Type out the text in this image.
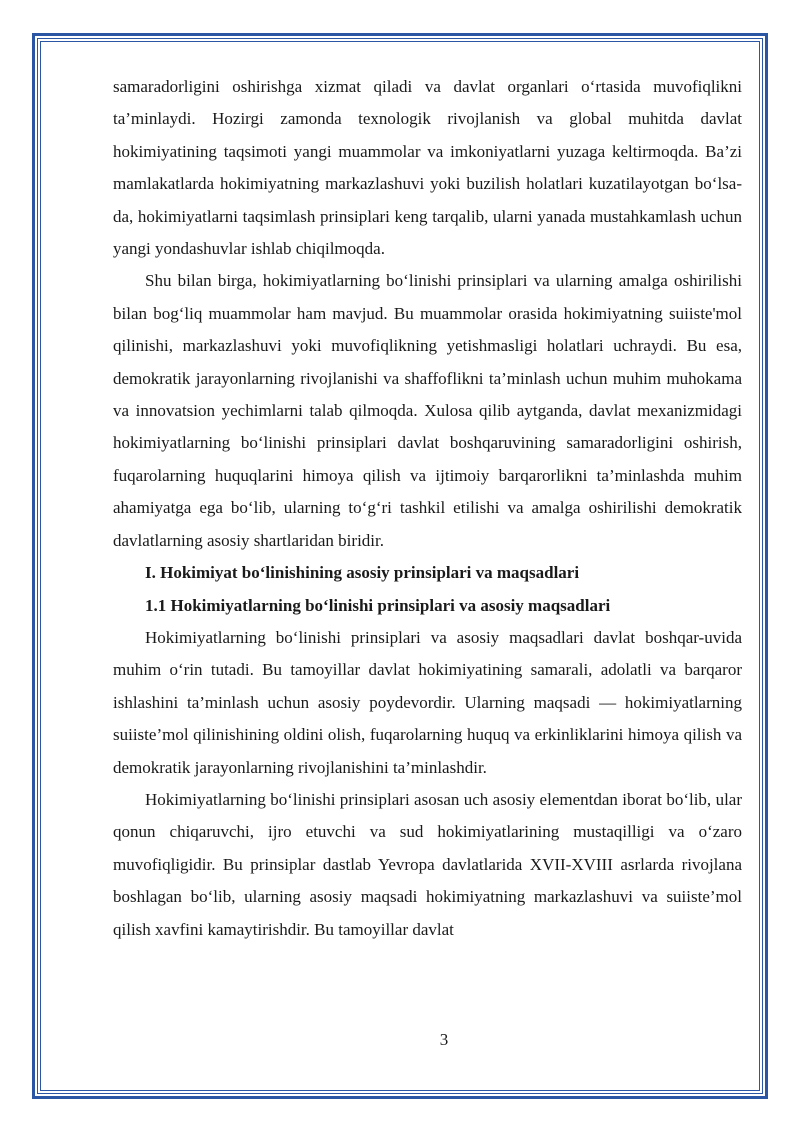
samaradorligini oshirishga xizmat qiladi va davlat organlari o‘rtasida muvofiqlikni ta’minlaydi. Hozirgi zamonda texnologik rivojlanish va global muhitda davlat hokimiyatining taqsimoti yangi muammolar va imkoniyatlarni yuzaga keltirmoqda. Ba’zi mamlakatlarda hokimiyatning markazlashuvi yoki buzilish holatlari kuzatilayotgan bo‘lsa-da, hokimiyatlarni taqsimlash prinsiplari keng tarqalib, ularni yanada mustahkamlash uchun yangi yondashuvlar ishlab chiqilmoqda.

Shu bilan birga, hokimiyatlarning bo‘linishi prinsiplari va ularning amalga oshirilishi bilan bog‘liq muammolar ham mavjud. Bu muammolar orasida hokimiyatning suiiste'mol qilinishi, markazlashuvi yoki muvofiqlikning yetishmasligi holatlari uchraydi. Bu esa, demokratik jarayonlarning rivojlanishi va shaffoflikni ta’minlash uchun muhim muhokama va innovatsion yechimlarni talab qilmoqda. Xulosa qilib aytganda, davlat mexanizmidagi hokimiyatlarning bo‘linishi prinsiplari davlat boshqaruvining samaradorligini oshirish, fuqarolarning huquqlarini himoya qilish va ijtimoiy barqarorlikni ta’minlashda muhim ahamiyatga ega bo‘lib, ularning to‘g‘ri tashkil etilishi va amalga oshirilishi demokratik davlatlarning asosiy shartlaridan biridir.

I. Hokimiyat bo‘linishining asosiy prinsiplari va maqsadlari
1.1 Hokimiyatlarning bo‘linishi prinsiplari va asosiy maqsadlari

Hokimiyatlarning bo‘linishi prinsiplari va asosiy maqsadlari davlat boshqar-uvida muhim o‘rin tutadi. Bu tamoyillar davlat hokimiyatining samarali, adolatli va barqaror ishlashini ta’minlash uchun asosiy poydevordir. Ularning maqsadi — hokimiyatlarning suiiste’mol qilinishining oldini olish, fuqarolarning huquq va erkinliklarini himoya qilish va demokratik jarayonlarning rivojlanishini ta’minlashdir.

Hokimiyatlarning bo‘linishi prinsiplari asosan uch asosiy elementdan iborat bo‘lib, ular qonun chiqaruvchi, ijro etuvchi va sud hokimiyatlarining mustaqilligi va o‘zaro muvofiqligidir. Bu prinsiplar dastlab Yevropa davlatlarida XVII-XVIII asrlarda rivojlana boshlagan bo‘lib, ularning asosiy maqsadi hokimiyatning markazlashuvi va suiiste’mol qilish xavfini kamaytirishdir. Bu tamoyillar davlat

3
